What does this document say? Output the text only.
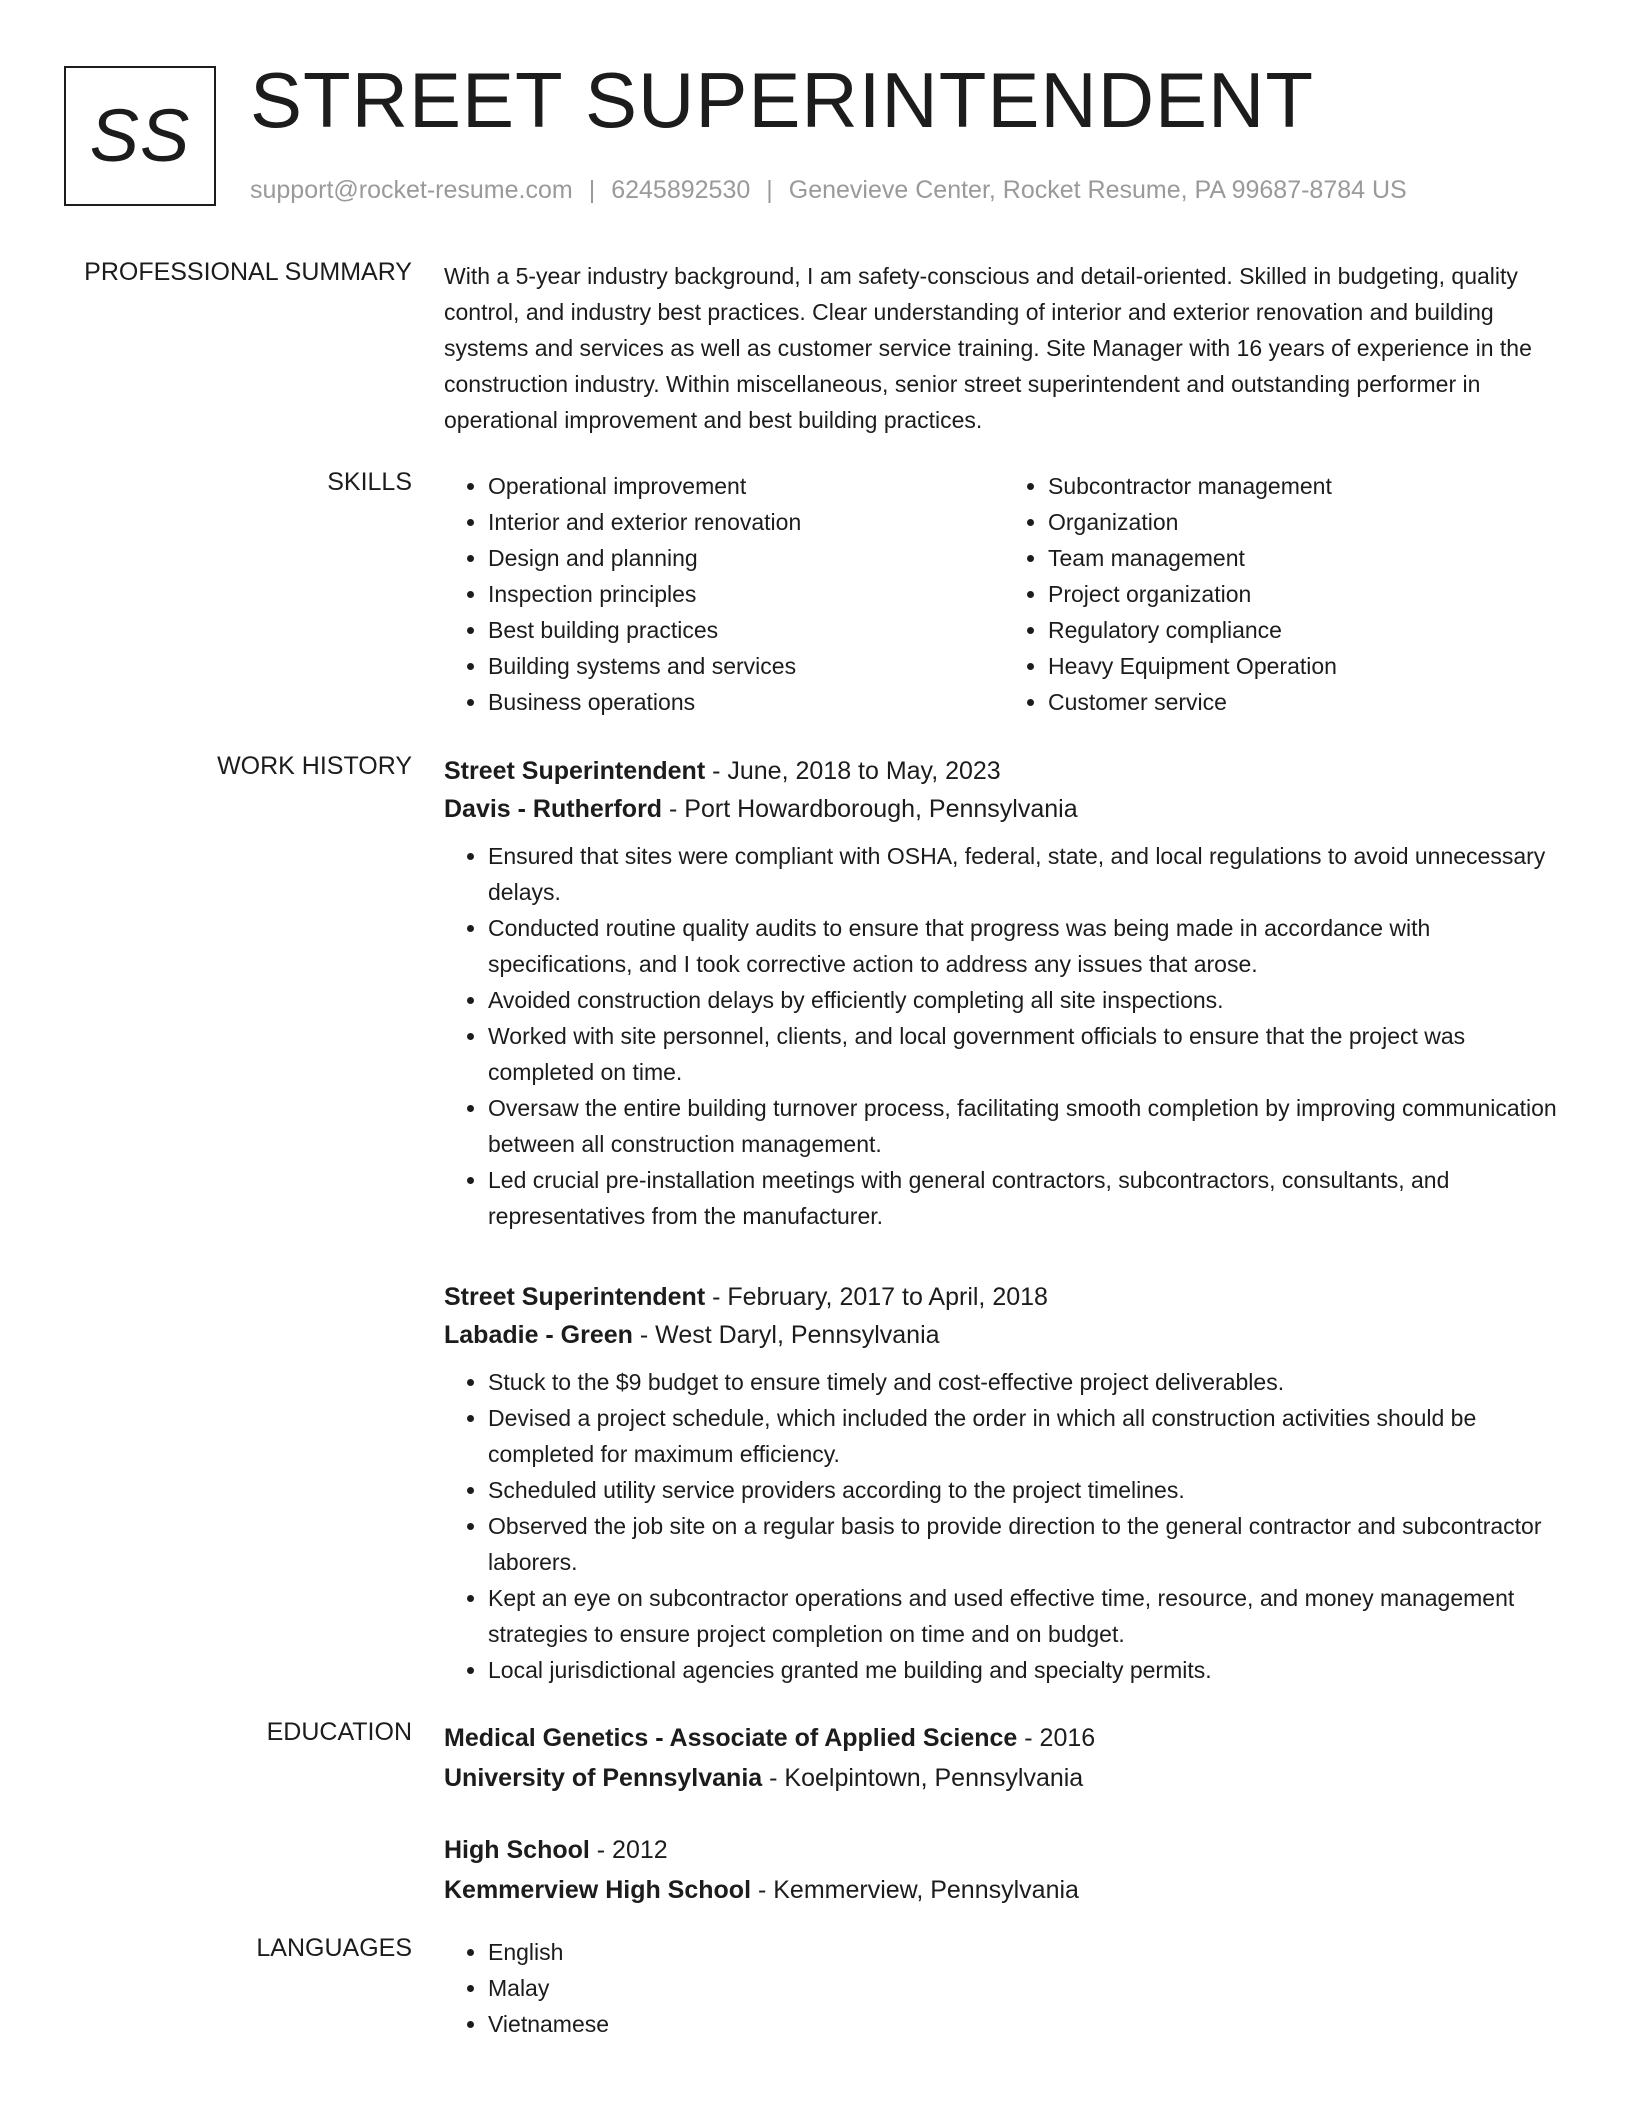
SS STREET SUPERINTENDENT
support@rocket-resume.com | 6245892530 | Genevieve Center, Rocket Resume, PA 99687-8784 US
PROFESSIONAL SUMMARY With a 5-year industry background, I am safety-conscious and detail-oriented. Skilled in budgeting, quality control, and industry best practices. Clear understanding of interior and exterior renovation and building systems and services as well as customer service training. Site Manager with 16 years of experience in the construction industry. Within miscellaneous, senior street superintendent and outstanding performer in operational improvement and best building practices.

SKILLS	• Operational improvement
• Interior and exterior renovation
• Design and planning
• Inspection principles
• Best building practices
• Building systems and services
• Business operations
• Subcontractor management
• Organization
• Team management
• Project organization
• Regulatory compliance
• Heavy Equipment Operation
• Customer service
WORK HISTORY Street Superintendent - June, 2018 to May, 2023
Davis - Rutherford - Port Howardborough, Pennsylvania
• Ensured that sites were compliant with OSHA, federal, state, and local regulations to avoid unnecessary delays.
• Conducted routine quality audits to ensure that progress was being made in accordance with specifications, and I took corrective action to address any issues that arose.
• Avoided construction delays by efficiently completing all site inspections.
• Worked with site personnel, clients, and local government officials to ensure that the project was completed on time.
• Oversaw the entire building turnover process, facilitating smooth completion by improving communication between all construction management.
• Led crucial pre-installation meetings with general contractors, subcontractors, consultants, and representatives from the manufacturer.
Street Superintendent - February, 2017 to April, 2018
Labadie - Green - West Daryl, Pennsylvania
• Stuck to the $9 budget to ensure timely and cost-effective project deliverables.
• Devised a project schedule, which included the order in which all construction activities should be completed for maximum efficiency.
• Scheduled utility service providers according to the project timelines.
• Observed the job site on a regular basis to provide direction to the general contractor and subcontractor laborers.
• Kept an eye on subcontractor operations and used effective time, resource, and money management strategies to ensure project completion on time and on budget.
• Local jurisdictional agencies granted me building and specialty permits.
EDUCATION Medical Genetics - Associate of Applied Science - 2016
University of Pennsylvania - Koelpintown, Pennsylvania
High School - 2012
Kemmerview High School - Kemmerview, Pennsylvania
LANGUAGES	• English
• Malay
• Vietnamese
